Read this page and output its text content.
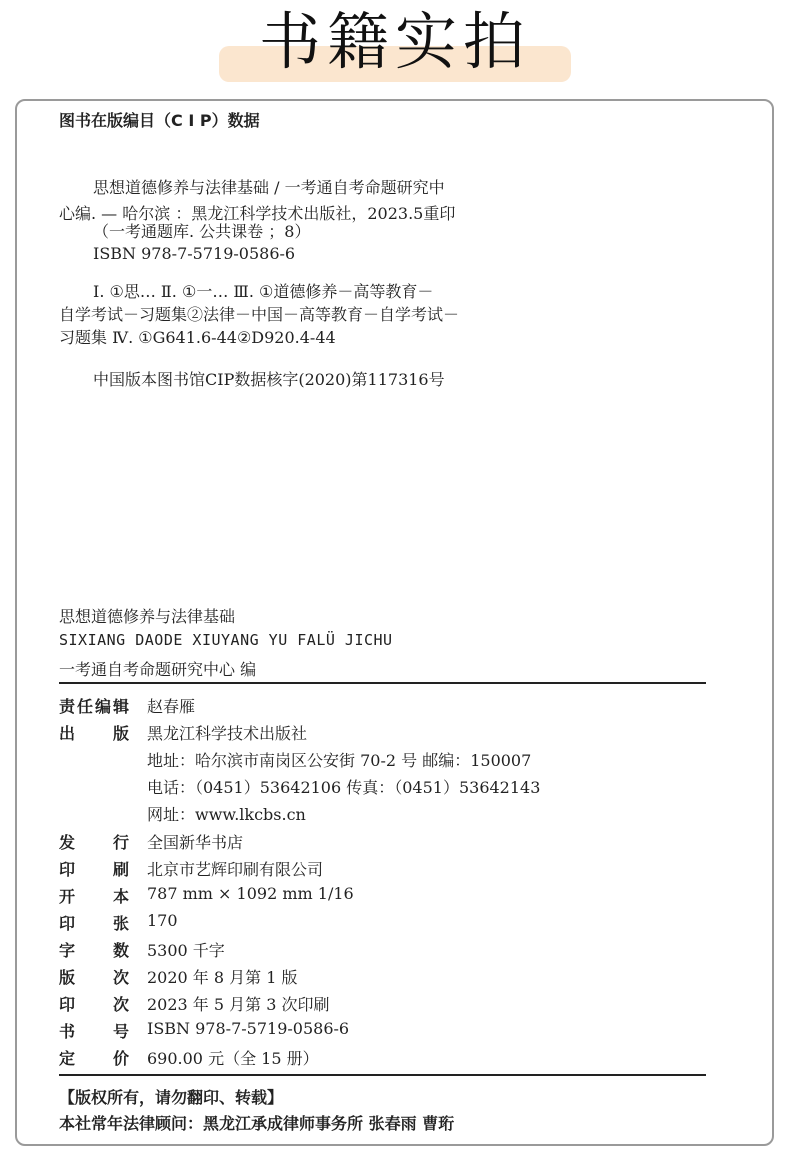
书籍实拍
图书在版编目（C I P）数据
思想道德修养与法律基础 / 一考通自考命题研究中
心编. — 哈尔滨 ：黑龙江科学技术出版社，2023.5重印
（一考通题库. 公共课卷 ；8）
ISBN 978-7-5719-0586-6
Ⅰ. ①思… Ⅱ. ①一… Ⅲ. ①道德修养－高等教育－
自学考试－习题集②法律－中国－高等教育－自学考试－
习题集 Ⅳ. ①G641.6-44②D920.4-44
中国版本图书馆CIP数据核字(2020)第117316号
思想道德修养与法律基础
SIXIANG DAODE XIUYANG YU FALÜ JICHU
一考通自考命题研究中心 编
责任编辑 赵春雁
出版 黑龙江科学技术出版社
地址：哈尔滨市南岗区公安街 70-2 号 邮编：150007
电话：（0451）53642106 传真：（0451）53642143
网址：www.lkcbs.cn
发行 全国新华书店
印刷 北京市艺辉印刷有限公司
开本 787 mm × 1092 mm 1/16
印张 170
字数 5300 千字
版次 2020 年 8 月第 1 版
印次 2023 年 5 月第 3 次印刷
书号 ISBN 978-7-5719-0586-6
定价 690.00 元（全 15 册）
【版权所有，请勿翻印、转载】
本社常年法律顾问：黑龙江承成律师事务所 张春雨 曹珩
